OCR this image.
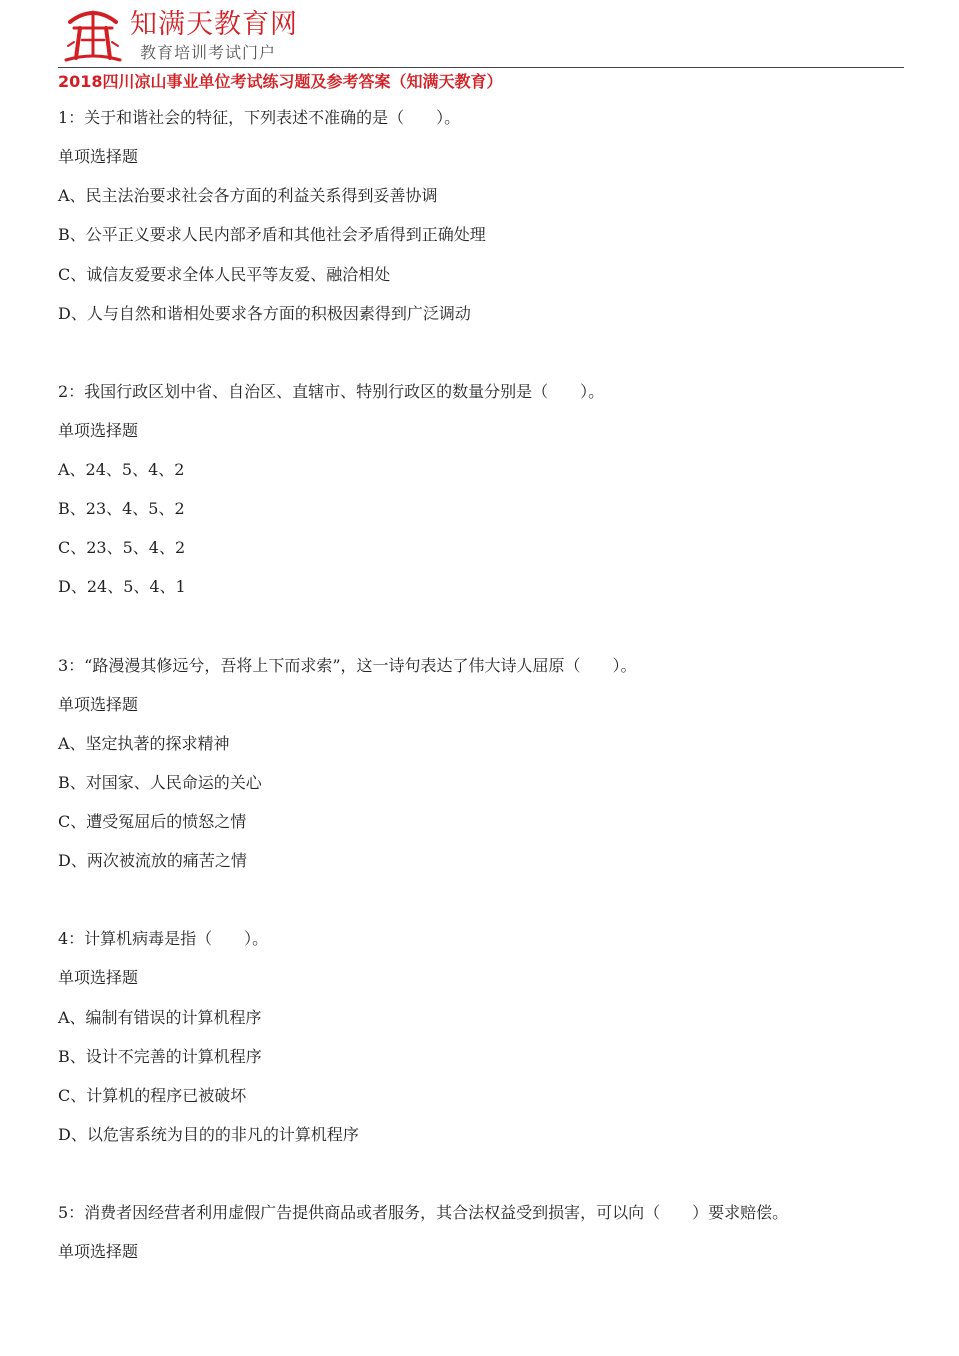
知满天教育网
教育培训考试门户
2018四川凉山事业单位考试练习题及参考答案（知满天教育）
1：关于和谐社会的特征，下列表述不准确的是（　　）。
单项选择题
A、民主法治要求社会各方面的利益关系得到妥善协调
B、公平正义要求人民内部矛盾和其他社会矛盾得到正确处理
C、诚信友爱要求全体人民平等友爱、融洽相处
D、人与自然和谐相处要求各方面的积极因素得到广泛调动
2：我国行政区划中省、自治区、直辖市、特别行政区的数量分别是（　　）。
单项选择题
A、24、5、4、2
B、23、4、5、2
C、23、5、4、2
D、24、5、4、1
3：“路漫漫其修远兮，吾将上下而求索”，这一诗句表达了伟大诗人屈原（　　）。
单项选择题
A、坚定执著的探求精神
B、对国家、人民命运的关心
C、遭受冤屈后的愤怒之情
D、两次被流放的痛苦之情
4：计算机病毒是指（　　）。
单项选择题
A、编制有错误的计算机程序
B、设计不完善的计算机程序
C、计算机的程序已被破坏
D、以危害系统为目的的非凡的计算机程序
5：消费者因经营者利用虚假广告提供商品或者服务，其合法权益受到损害，可以向（　　）要求赔偿。
单项选择题
